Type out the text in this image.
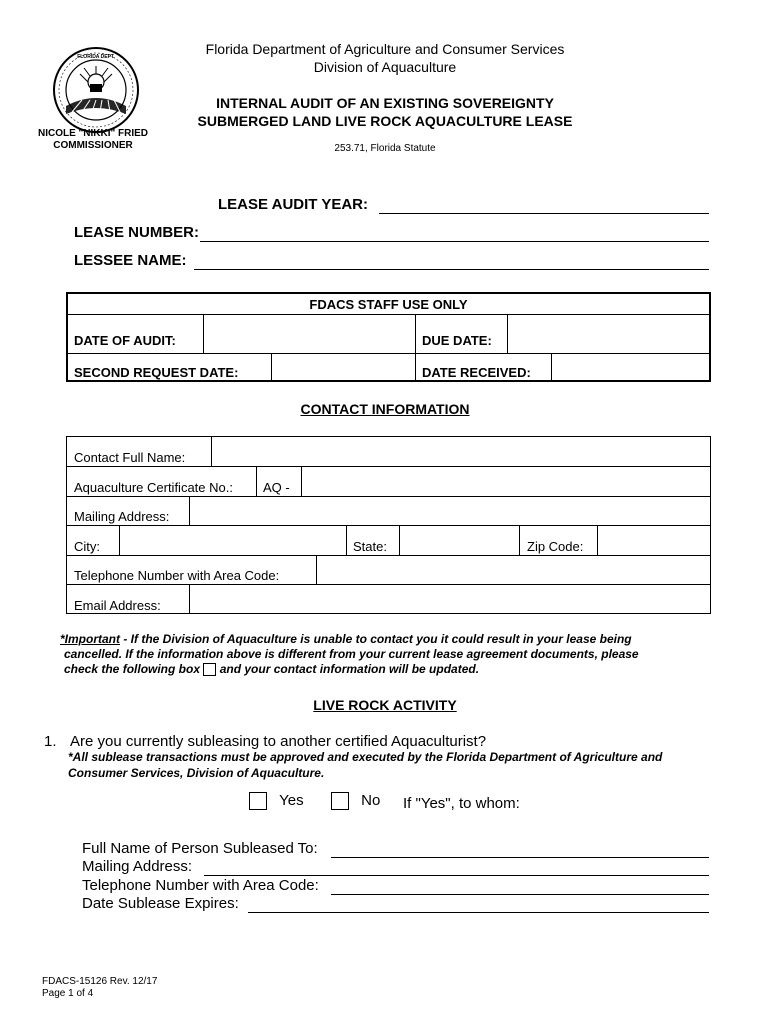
FLORIDA DEPT.
NICOLE "NIKKI" FRIED
COMMISSIONER
Florida Department of Agriculture and Consumer Services
Division of Aquaculture
INTERNAL AUDIT OF AN EXISTING SOVEREIGNTY
SUBMERGED LAND LIVE ROCK AQUACULTURE LEASE
253.71, Florida Statute
LEASE AUDIT YEAR:
LEASE NUMBER:
LESSEE NAME:
FDACS STAFF USE ONLY
DATE OF AUDIT:	DUE DATE:
SECOND REQUEST DATE:	DATE RECEIVED:
CONTACT INFORMATION
Contact Full Name:
Aquaculture Certificate No.: AQ -
Mailing Address:
City:	State:	Zip Code:
Telephone Number with Area Code:
Email Address:
*Important - If the Division of Aquaculture is unable to contact you it could result in your lease being
cancelled. If the information above is different from your current lease agreement documents, please
check the following box and your contact information will be updated.
LIVE ROCK ACTIVITY
1. Are you currently subleasing to another certified Aquaculturist?
*All sublease transactions must be approved and executed by the Florida Department of Agriculture and
Consumer Services, Division of Aquaculture.
Yes	No If "Yes", to whom:
Full Name of Person Subleased To:
Mailing Address:
Telephone Number with Area Code:
Date Sublease Expires:
FDACS-15126 Rev. 12/17
Page 1 of 4
